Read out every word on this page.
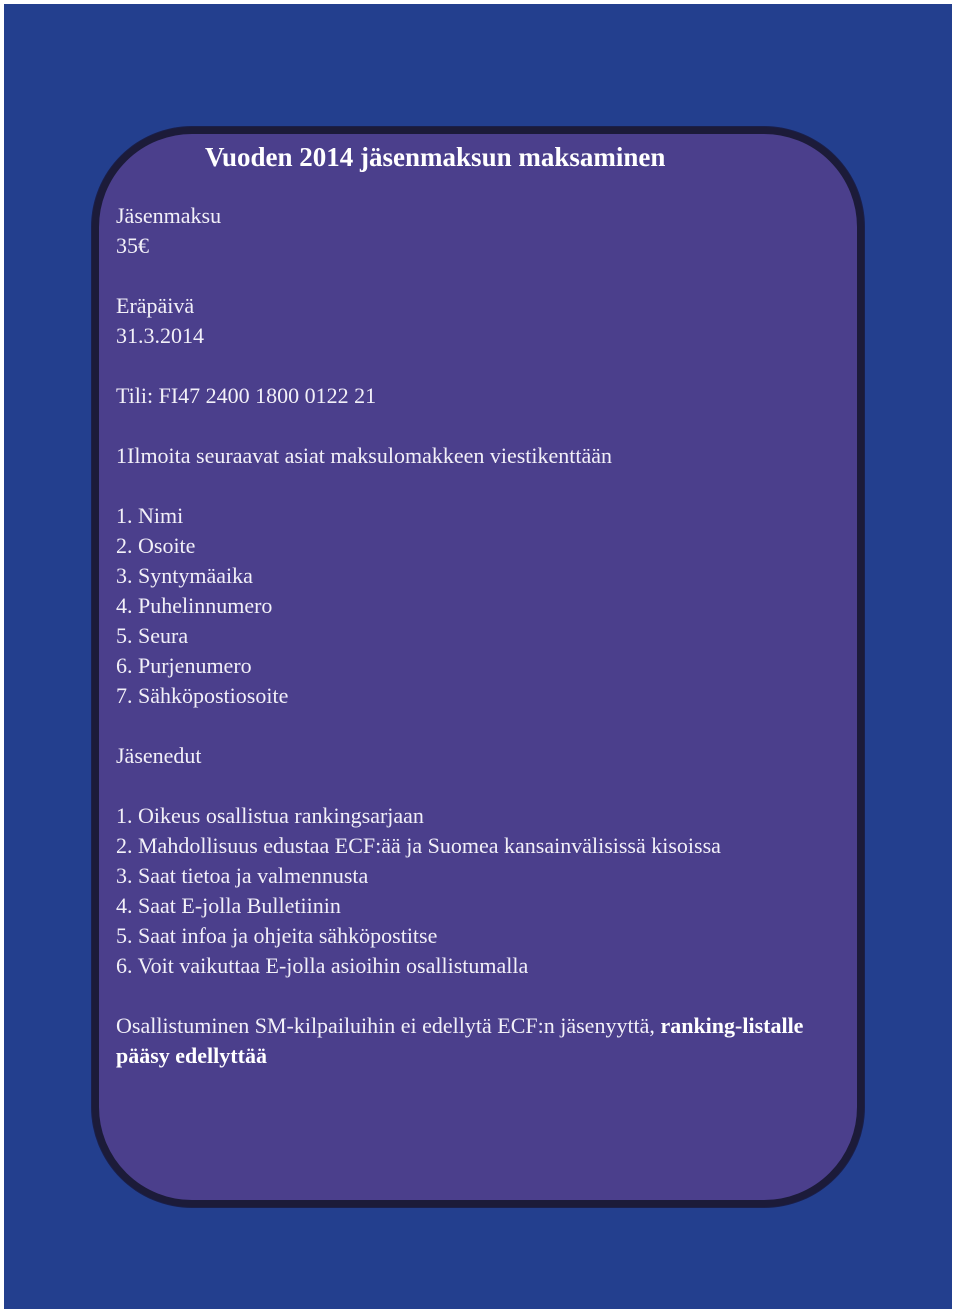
Vuoden 2014 jäsenmaksun maksaminen
Jäsenmaksu
35€
Eräpäivä
31.3.2014
Tili: FI47 2400 1800 0122 21
1Ilmoita seuraavat asiat maksulomakkeen viestikenttään
1. Nimi
2. Osoite
3. Syntymäaika
4. Puhelinnumero
5. Seura
6. Purjenumero
7. Sähköpostiosoite
Jäsenedut
1. Oikeus osallistua rankingsarjaan
2. Mahdollisuus edustaa ECF:ää ja Suomea kansainvälisissä kisoissa
3. Saat tietoa ja valmennusta
4. Saat E-jolla Bulletiinin
5. Saat infoa ja ohjeita sähköpostitse
6. Voit vaikuttaa E-jolla asioihin osallistumalla
Osallistuminen SM-kilpailuihin ei edellytä ECF:n jäsenyyttä, ranking-listalle pääsy edellyttää
